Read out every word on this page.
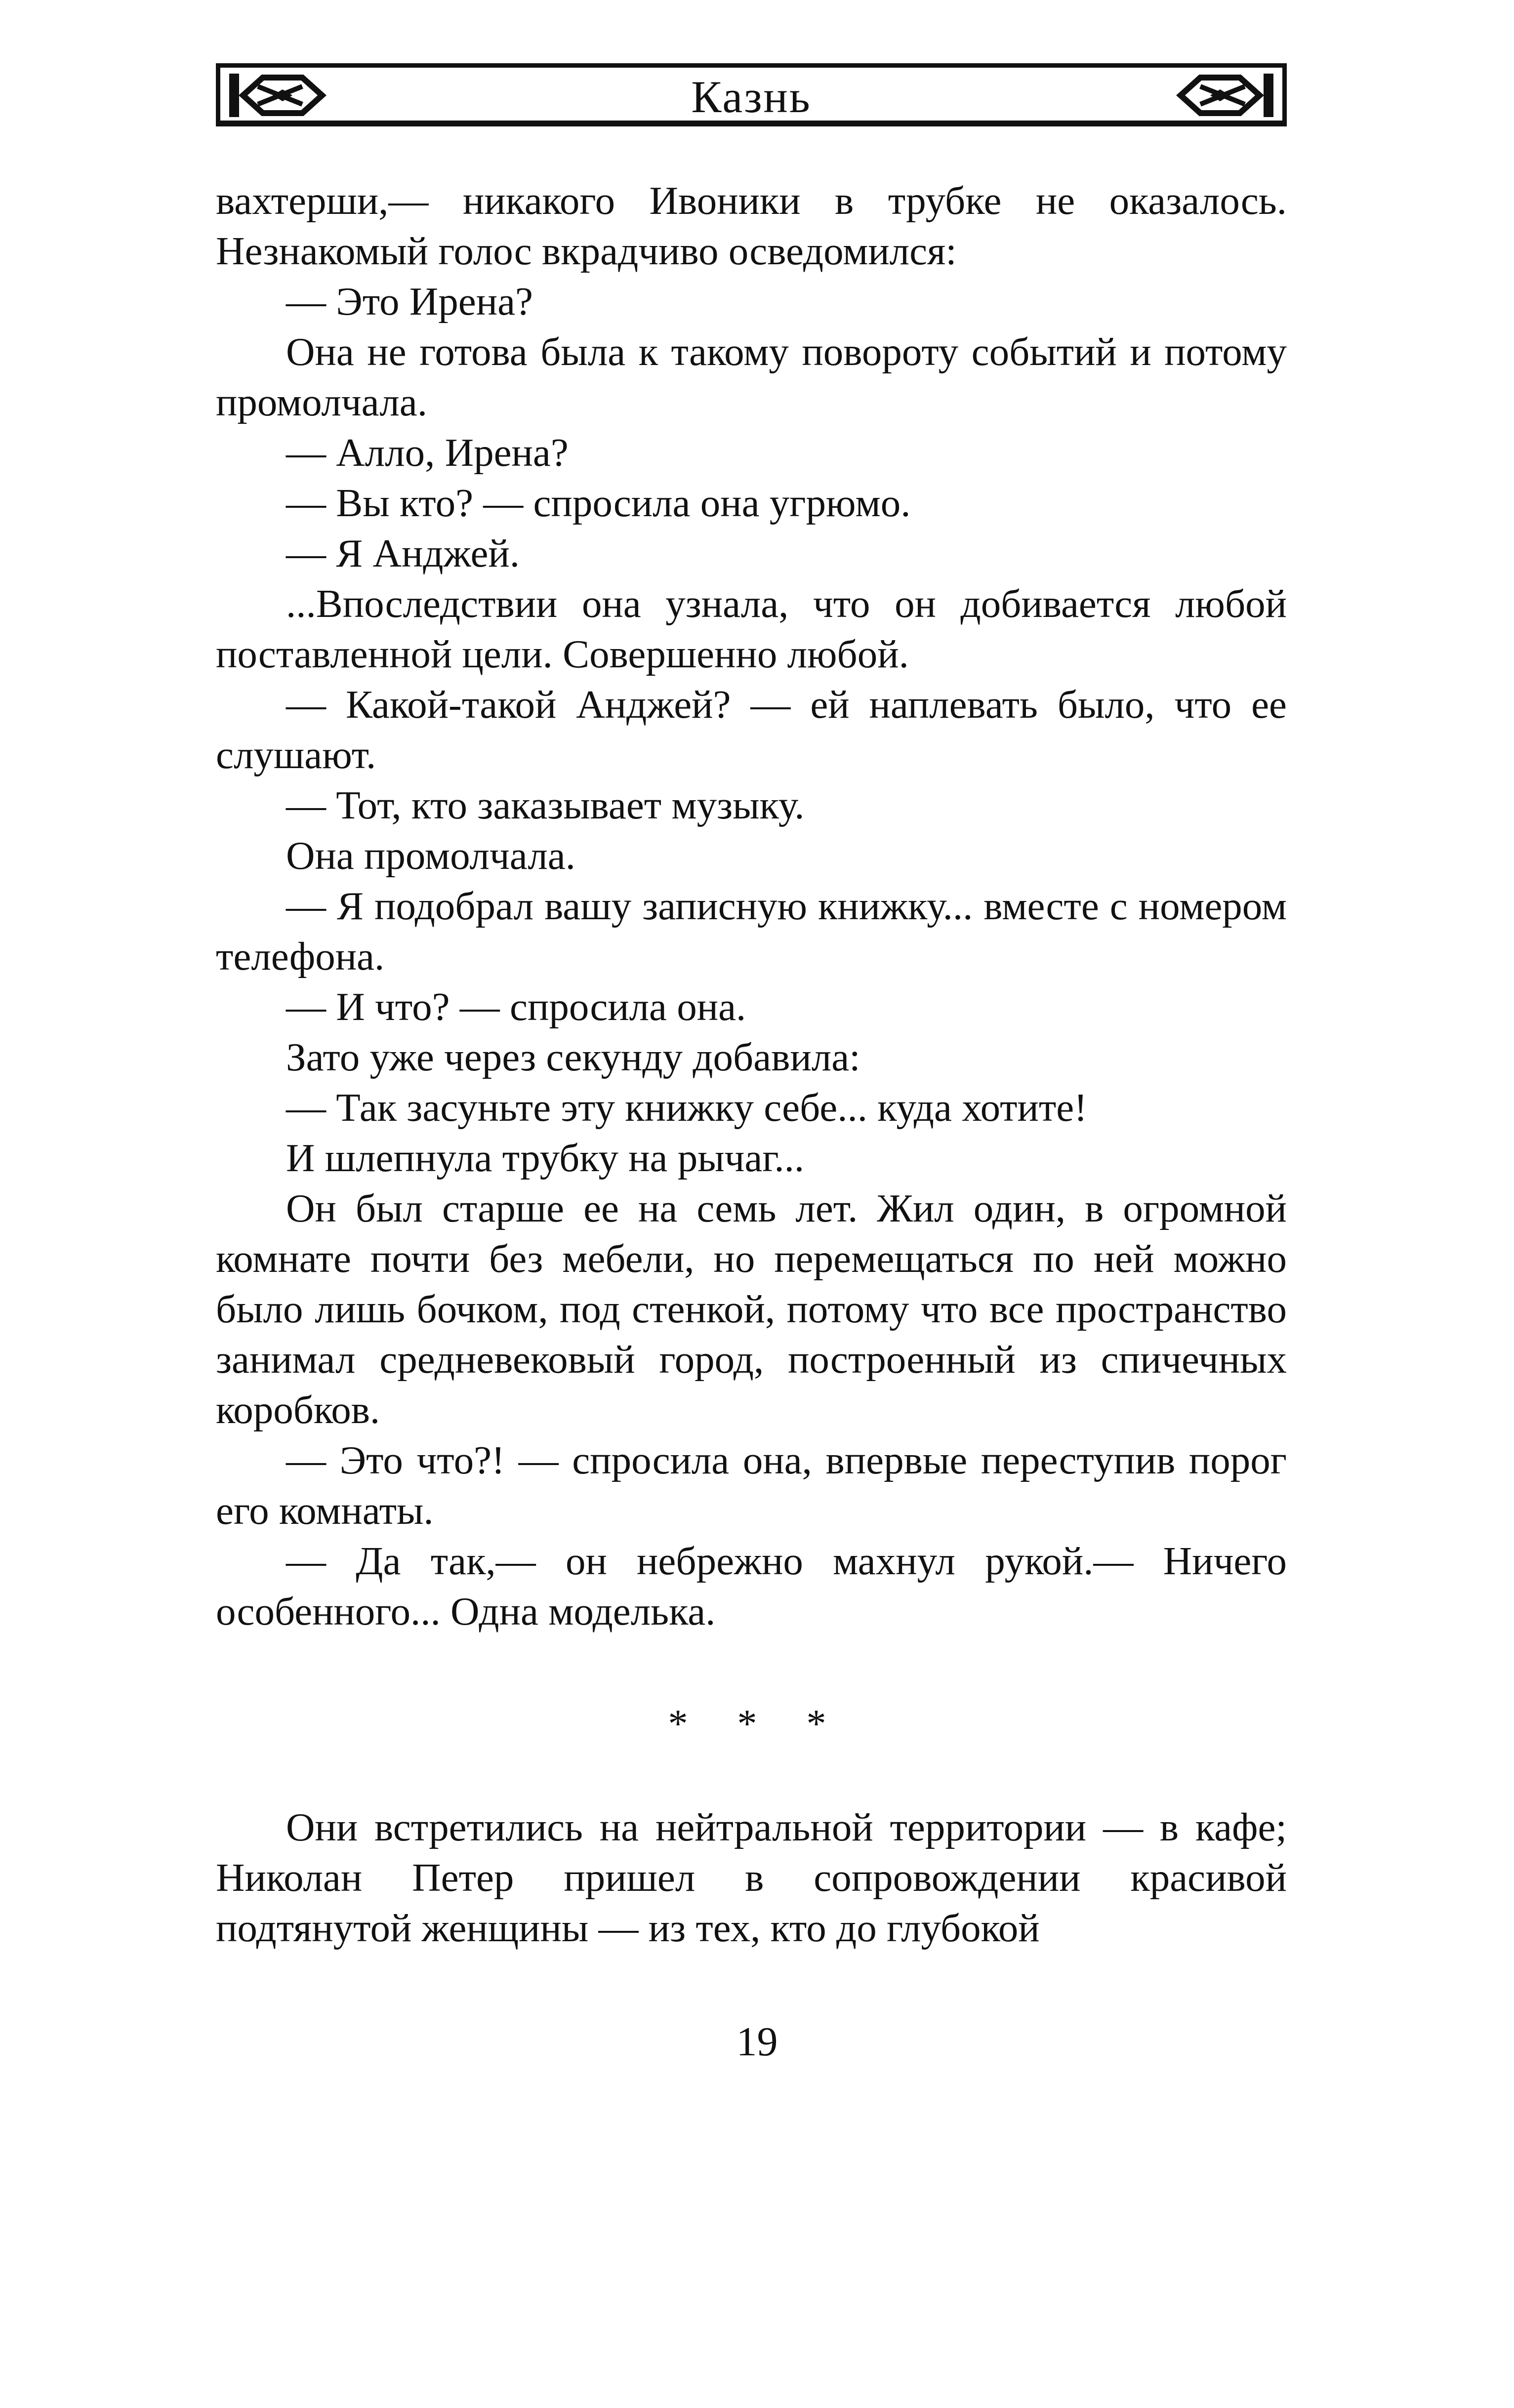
Казнь

вахтерши,— никакого Ивоники в трубке не оказалось. Незнакомый голос вкрадчиво осведомился:

— Это Ирена?

Она не готова была к такому повороту событий и потому промолчала.

— Алло, Ирена?

— Вы кто? — спросила она угрюмо.

— Я Анджей.

...Впоследствии она узнала, что он добивается любой поставленной цели. Совершенно любой.

— Какой-такой Анджей? — ей наплевать было, что ее слушают.

— Тот, кто заказывает музыку.

Она промолчала.

— Я подобрал вашу записную книжку... вместе с номером телефона.

— И что? — спросила она.

Зато уже через секунду добавила:

— Так засуньте эту книжку себе... куда хотите!

И шлепнула трубку на рычаг...

Он был старше ее на семь лет. Жил один, в огромной комнате почти без мебели, но перемещаться по ней можно было лишь бочком, под стенкой, потому что все пространство занимал средневековый город, построенный из спичечных коробков.

— Это что?! — спросила она, впервые переступив порог его комнаты.

— Да так,— он небрежно махнул рукой.— Ничего особенного... Одна моделька.

* * *

Они встретились на нейтральной территории — в кафе; Николан Петер пришел в сопровождении красивой подтянутой женщины — из тех, кто до глубокой

19
